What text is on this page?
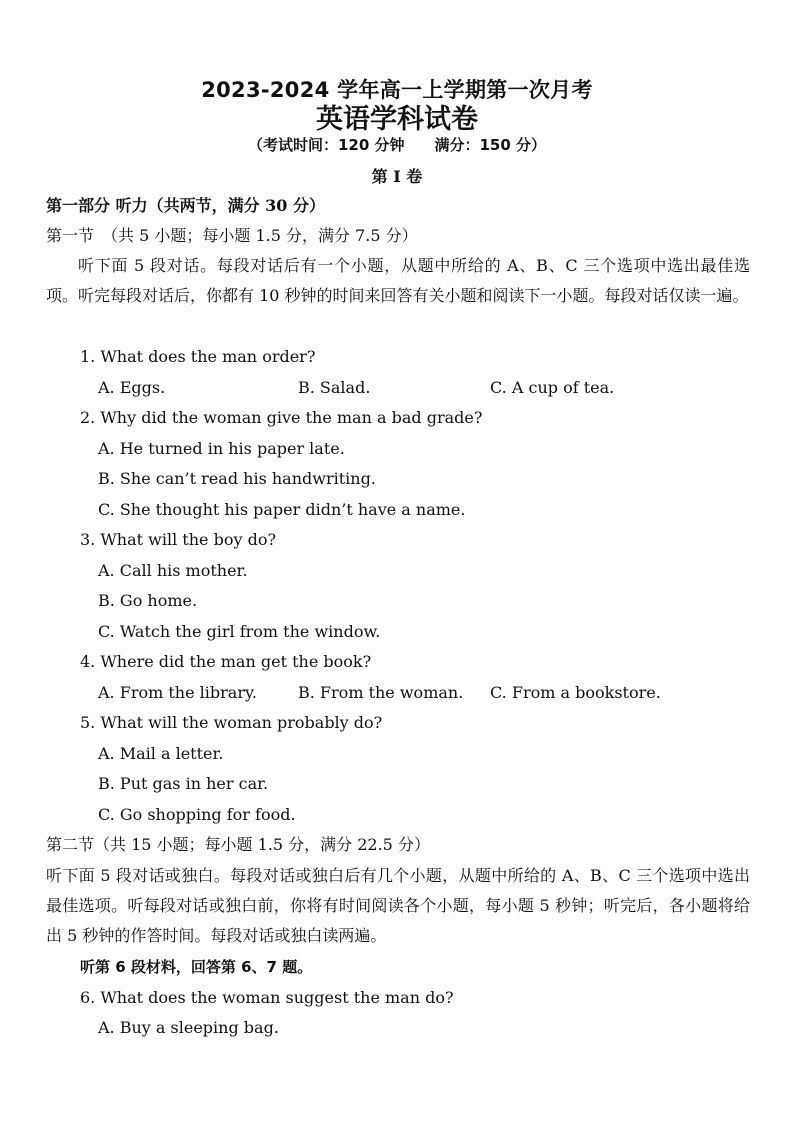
2023-2024 学年高一上学期第一次月考
英语学科试卷
（考试时间：120 分钟　　满分：150 分）
第 I 卷
第一部分 听力（共两节，满分 30 分）
第一节　（共 5 小题；每小题 1.5 分，满分 7.5 分）
听下面 5 段对话。每段对话后有一个小题，从题中所给的 A、B、C 三个选项中选出最佳选项。听完每段对话后，你都有 10 秒钟的时间来回答有关小题和阅读下一小题。每段对话仅读一遍。
1. What does the man order?
A. Eggs.	B. Salad.	C. A cup of tea.
2. Why did the woman give the man a bad grade?
A. He turned in his paper late.
B. She can’t read his handwriting.
C. She thought his paper didn’t have a name.
3. What will the boy do?
A. Call his mother.
B. Go home.
C. Watch the girl from the window.
4. Where did the man get the book?
A. From the library.	B. From the woman. C. From a bookstore.
5. What will the woman probably do?
A. Mail a letter.
B. Put gas in her car.
C. Go shopping for food.
第二节（共 15 小题；每小题 1.5 分，满分 22.5 分）
听下面 5 段对话或独白。每段对话或独白后有几个小题，从题中所给的 A、B、C 三个选项中选出最佳选项。听每段对话或独白前，你将有时间阅读各个小题，每小题 5 秒钟；听完后，各小题将给出 5 秒钟的作答时间。每段对话或独白读两遍。
听第 6 段材料，回答第 6、7 题。
6. What does the woman suggest the man do?
A. Buy a sleeping bag.
